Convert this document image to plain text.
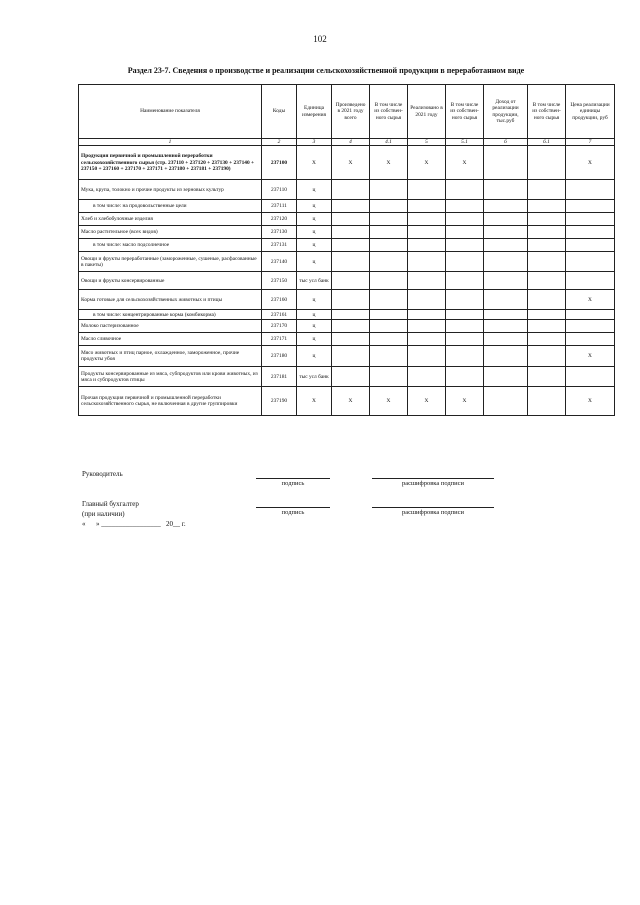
102
Раздел 23-7. Сведения о производстве и реализации сельскохозяйственной продукции в переработанном виде
Наименование показателя	Коды	Единица измерения	Произведено в 2021 году всего	В том числе из собствен-ного сырья	Реализовано в 2021 году	В том числе из собствен-ного сырья	Доход от реализации продукции, тыс.руб	В том числе из собствен-ного сырья	Цена реализации единицы продукции, руб
1	2	3	4	4.1	5	5.1	6	6.1	7
Продукция первичной и промышленной переработки сельскохозяйственного сырья (стр. 237110 + 237120 + 237130 + 237140 + 237150 + 237160 + 237170 + 237171 + 237180 + 237181 + 237190)	237100	X	X	X	X	X			X
Мука, крупа, толокно и прочие продукты из зерновых культур	237110	ц							
в том числе: на продовольственные цели	237111	ц							
Хлеб и хлебобулочные изделия	237120	ц							
Масло растительное (всех видов)	237130	ц							
в том числе: масло подсолнечное	237131	ц							
Овощи и фрукты переработанные (замороженные, сушеные, расфасованные в пакеты)	237140	ц							
Овощи и фрукты консервированные	237150	тыс усл банк							
Корма готовые для сельскохозяйственных животных и птицы	237160	ц							X
в том числе: концентрированные корма (комбикорма)	237161	ц							
Молоко пастеризованное	237170	ц							
Масло сливочное	237171	ц							
Мясо животных и птиц парное, охлажденное, замороженное, прочие продукты убоя	237180	ц							X
Продукты консервированные из мяса, субпродуктов или крови животных, из мяса и субпродуктов птицы	237181	тыс усл банк							
Прочая продукция первичной и промышленной переработки сельскохозяйственного сырья, не включенная в другие группировки	237190	X	X	X	X	X			X
Руководитель
подпись	расшифровка подписи
Главный бухгалтер
(при наличии)	подпись	расшифровка подписи
«      » _________________   20__ г.
